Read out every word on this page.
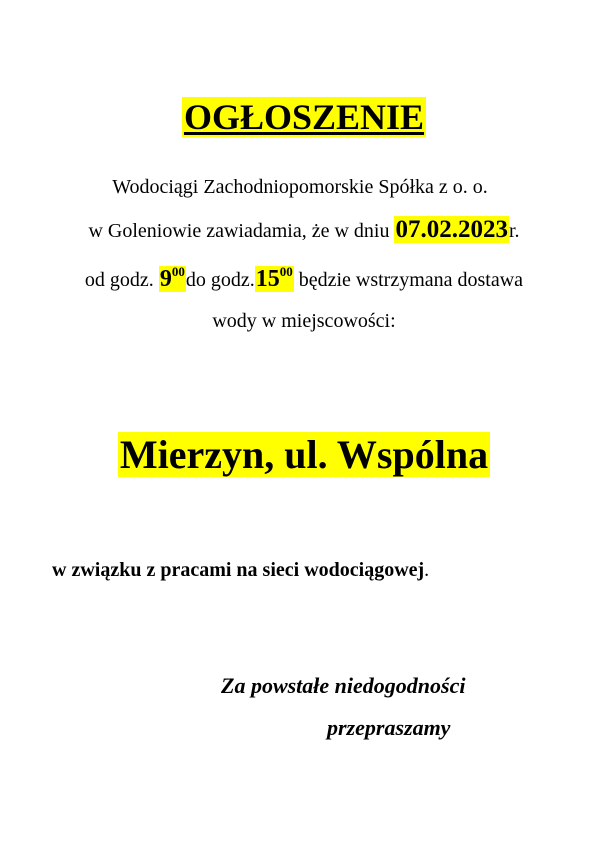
OGŁOSZENIE
Wodociągi Zachodniopomorskie Spółka z o. o.
w Goleniowie zawiadamia, że w dniu 07.02.2023r.
od godz. $9^{00}do$ $godz.15^{00}$ będzie wstrzymana dostawa
wody w miejscowości:
Mierzyn, ul. Wspólna
w związku z pracami na sieci wodociągowej.
Za powstałe niedogodności
przepraszamy
